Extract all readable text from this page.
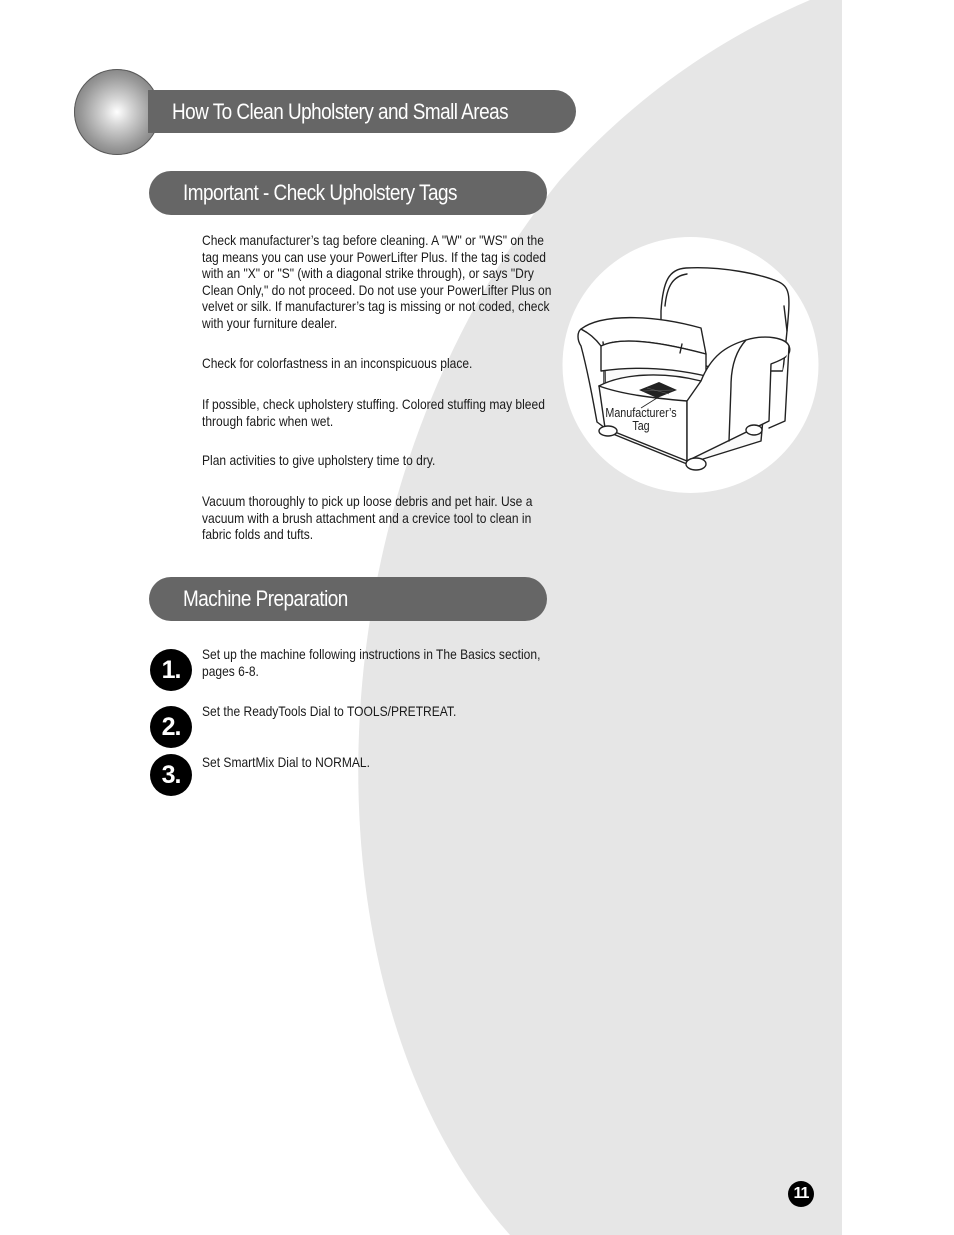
How To Clean Upholstery and Small Areas
Important - Check Upholstery Tags

Check manufacturer’s tag before cleaning. A "W" or "WS" on the tag means you can use your PowerLifter Plus. If the tag is coded with an "X" or "S" (with a diagonal strike through), or says "Dry Clean Only," do not proceed. Do not use your PowerLifter Plus on velvet or silk. If manufacturer’s tag is missing or not coded, check with your furniture dealer.

Check for colorfastness in an inconspicuous place.

If possible, check upholstery stuffing. Colored stuffing may bleed through fabric when wet.

Plan activities to give upholstery time to dry.

Vacuum thoroughly to pick up loose debris and pet hair. Use a vacuum with a brush attachment and a crevice tool to clean in fabric folds and tufts.

Manufacturer’s
Tag
Machine Preparation
1.

Set up the machine following instructions in The Basics section, pages 6-8.

2.

Set the ReadyTools Dial to TOOLS/PRETREAT.

3.	Set SmartMix Dial to NORMAL.

11
